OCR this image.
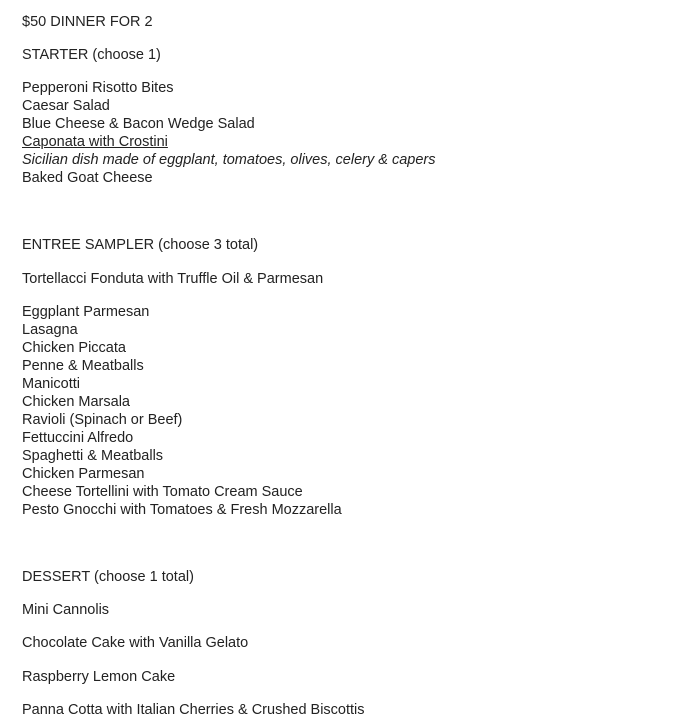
$50 DINNER FOR 2
STARTER (choose 1)
Pepperoni Risotto Bites
Caesar Salad
Blue Cheese & Bacon Wedge Salad
Caponata with Crostini
Sicilian dish made of eggplant, tomatoes, olives, celery & capers
Baked Goat Cheese
ENTREE SAMPLER (choose 3 total)
Tortellacci Fonduta with Truffle Oil & Parmesan
Eggplant Parmesan
Lasagna
Chicken Piccata
Penne & Meatballs
Manicotti
Chicken Marsala
Ravioli (Spinach or Beef)
Fettuccini Alfredo
Spaghetti & Meatballs
Chicken Parmesan
Cheese Tortellini with Tomato Cream Sauce
Pesto Gnocchi with Tomatoes & Fresh Mozzarella
DESSERT (choose 1 total)
Mini Cannolis
Chocolate Cake with Vanilla Gelato
Raspberry Lemon Cake
Panna Cotta with Italian Cherries & Crushed Biscottis
